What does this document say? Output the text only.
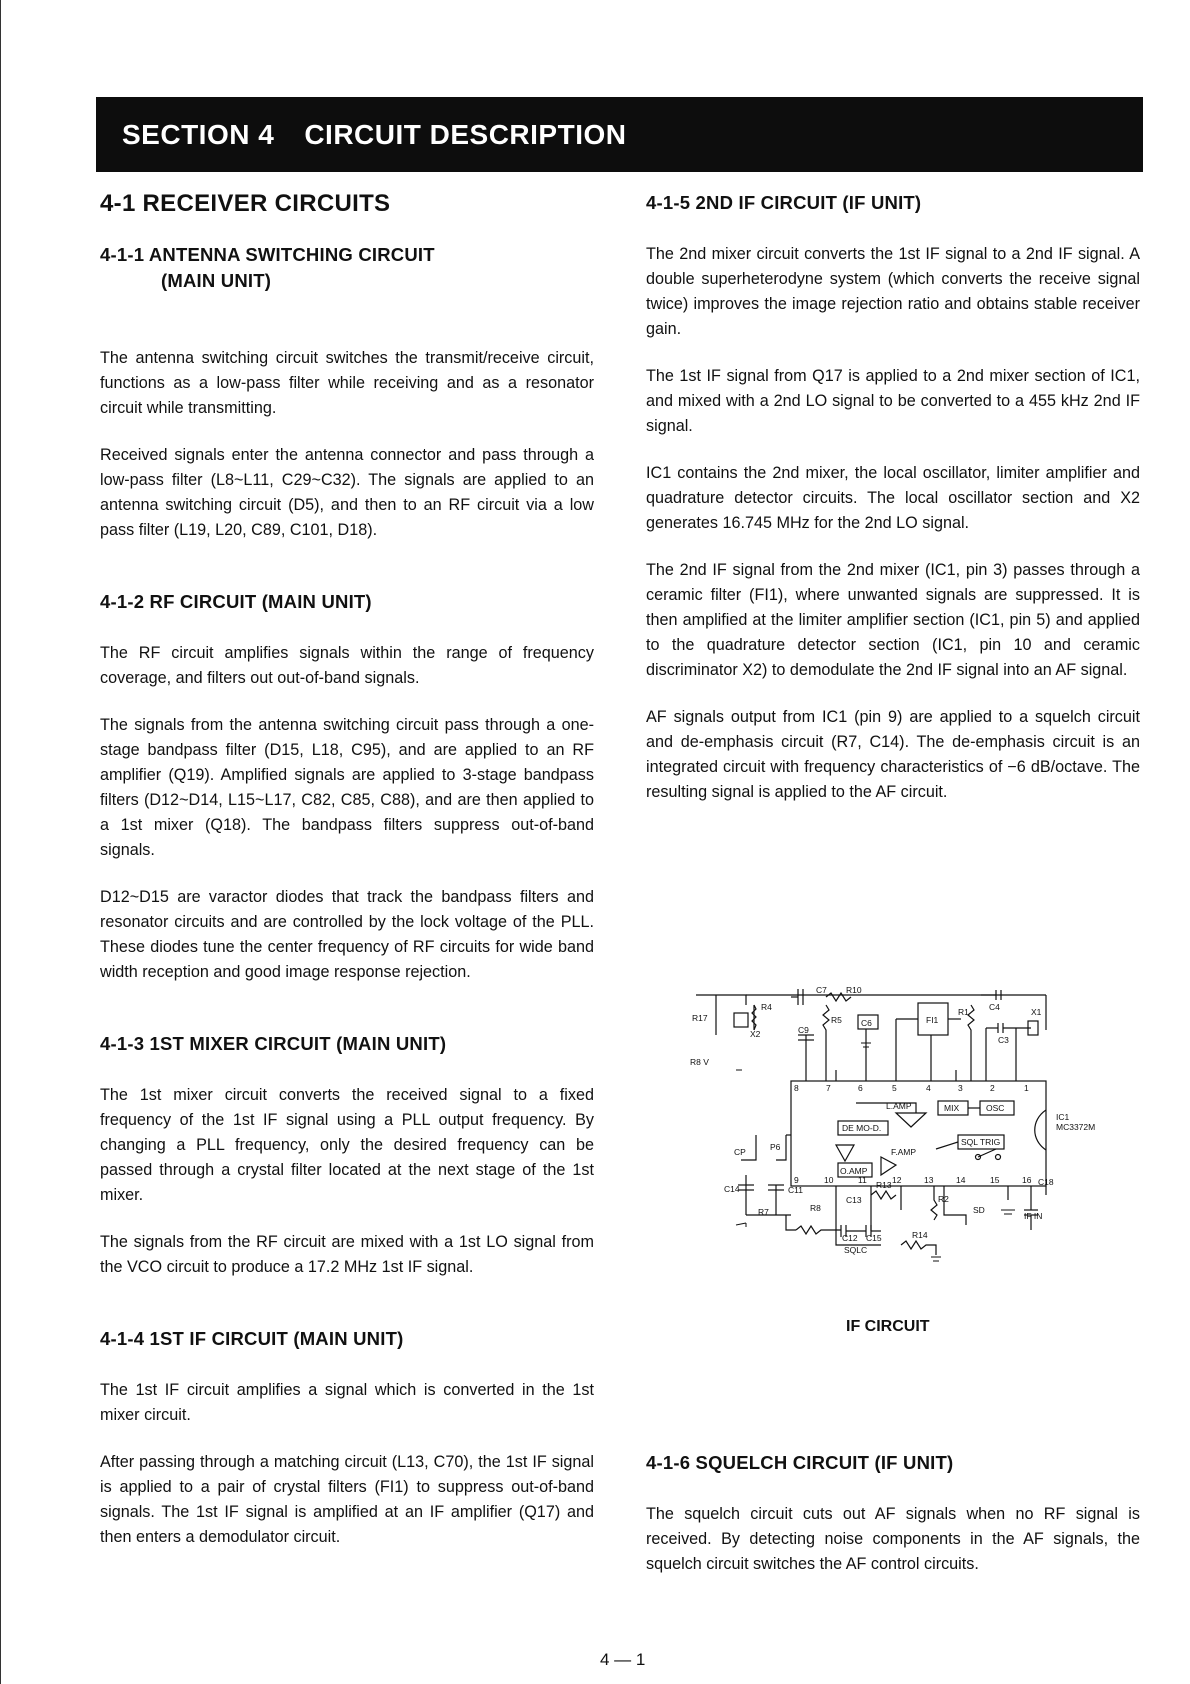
SECTION 4 CIRCUIT DESCRIPTION
4-1 RECEIVER CIRCUITS
4-1-1 ANTENNA SWITCHING CIRCUIT
(MAIN UNIT)

The antenna switching circuit switches the transmit/receive circuit, functions as a low-pass filter while receiving and as a resonator circuit while transmitting.

Received signals enter the antenna connector and pass through a low-pass filter (L8~L11, C29~C32). The signals are applied to an antenna switching circuit (D5), and then to an RF circuit via a low pass filter (L19, L20, C89, C101, D18).

4-1-2 RF CIRCUIT (MAIN UNIT)

The RF circuit amplifies signals within the range of frequency coverage, and filters out out-of-band signals.

The signals from the antenna switching circuit pass through a one-stage bandpass filter (D15, L18, C95), and are applied to an RF amplifier (Q19). Amplified signals are applied to 3-stage bandpass filters (D12~D14, L15~L17, C82, C85, C88), and are then applied to a 1st mixer (Q18). The bandpass filters suppress out-of-band signals.

D12~D15 are varactor diodes that track the bandpass filters and resonator circuits and are controlled by the lock voltage of the PLL. These diodes tune the center frequency of RF circuits for wide band width reception and good image response rejection.

4-1-3 1ST MIXER CIRCUIT (MAIN UNIT)

The 1st mixer circuit converts the received signal to a fixed frequency of the 1st IF signal using a PLL output frequency. By changing a PLL frequency, only the desired frequency can be passed through a crystal filter located at the next stage of the 1st mixer.

The signals from the RF circuit are mixed with a 1st LO signal from the VCO circuit to produce a 17.2 MHz 1st IF signal.

4-1-4 1ST IF CIRCUIT (MAIN UNIT)

The 1st IF circuit amplifies a signal which is converted in the 1st mixer circuit.

After passing through a matching circuit (L13, C70), the 1st IF signal is applied to a pair of crystal filters (FI1) to suppress out-of-band signals. The 1st IF signal is amplified at an IF amplifier (Q17) and then enters a demodulator circuit.

4-1-5 2ND IF CIRCUIT (IF UNIT)

The 2nd mixer circuit converts the 1st IF signal to a 2nd IF signal. A double superheterodyne system (which converts the receive signal twice) improves the image rejection ratio and obtains stable receiver gain.

The 1st IF signal from Q17 is applied to a 2nd mixer section of IC1, and mixed with a 2nd LO signal to be converted to a 455 kHz 2nd IF signal.

IC1 contains the 2nd mixer, the local oscillator, limiter amplifier and quadrature detector circuits. The local oscillator section and X2 generates 16.745 MHz for the 2nd LO signal.

The 2nd IF signal from the 2nd mixer (IC1, pin 3) passes through a ceramic filter (FI1), where unwanted signals are suppressed. It is then amplified at the limiter amplifier section (IC1, pin 5) and applied to the quadrature detector section (IC1, pin 10 and ceramic discriminator X2) to demodulate the 2nd IF signal into an AF signal.

AF signals output from IC1 (pin 9) are applied to a squelch circuit and de-emphasis circuit (R7, C14). The de-emphasis circuit is an integrated circuit with frequency characteristics of −6 dB/octave. The resulting signal is applied to the AF circuit.

C7 R10
R4
R17
X2	C9
R5 C6	FI1
R1 C4	X1
C3
R8 V
8	7	6	5	4	3	2	1
L.AMP	MIX	OSC
IC1
MC3372M
DE MO-D.
SQL TRIG
F.AMP
O.AMP
CP	P6
C14	C11
R7	R8
C13
R13
R2
SD
C12 C15	R14
SQLC
C18
IF IN
9	10	11	12	13	14	15	16
IF CIRCUIT
4-1-6 SQUELCH CIRCUIT (IF UNIT)

The squelch circuit cuts out AF signals when no RF signal is received. By detecting noise components in the AF signals, the squelch circuit switches the AF control circuits.

4 — 1
